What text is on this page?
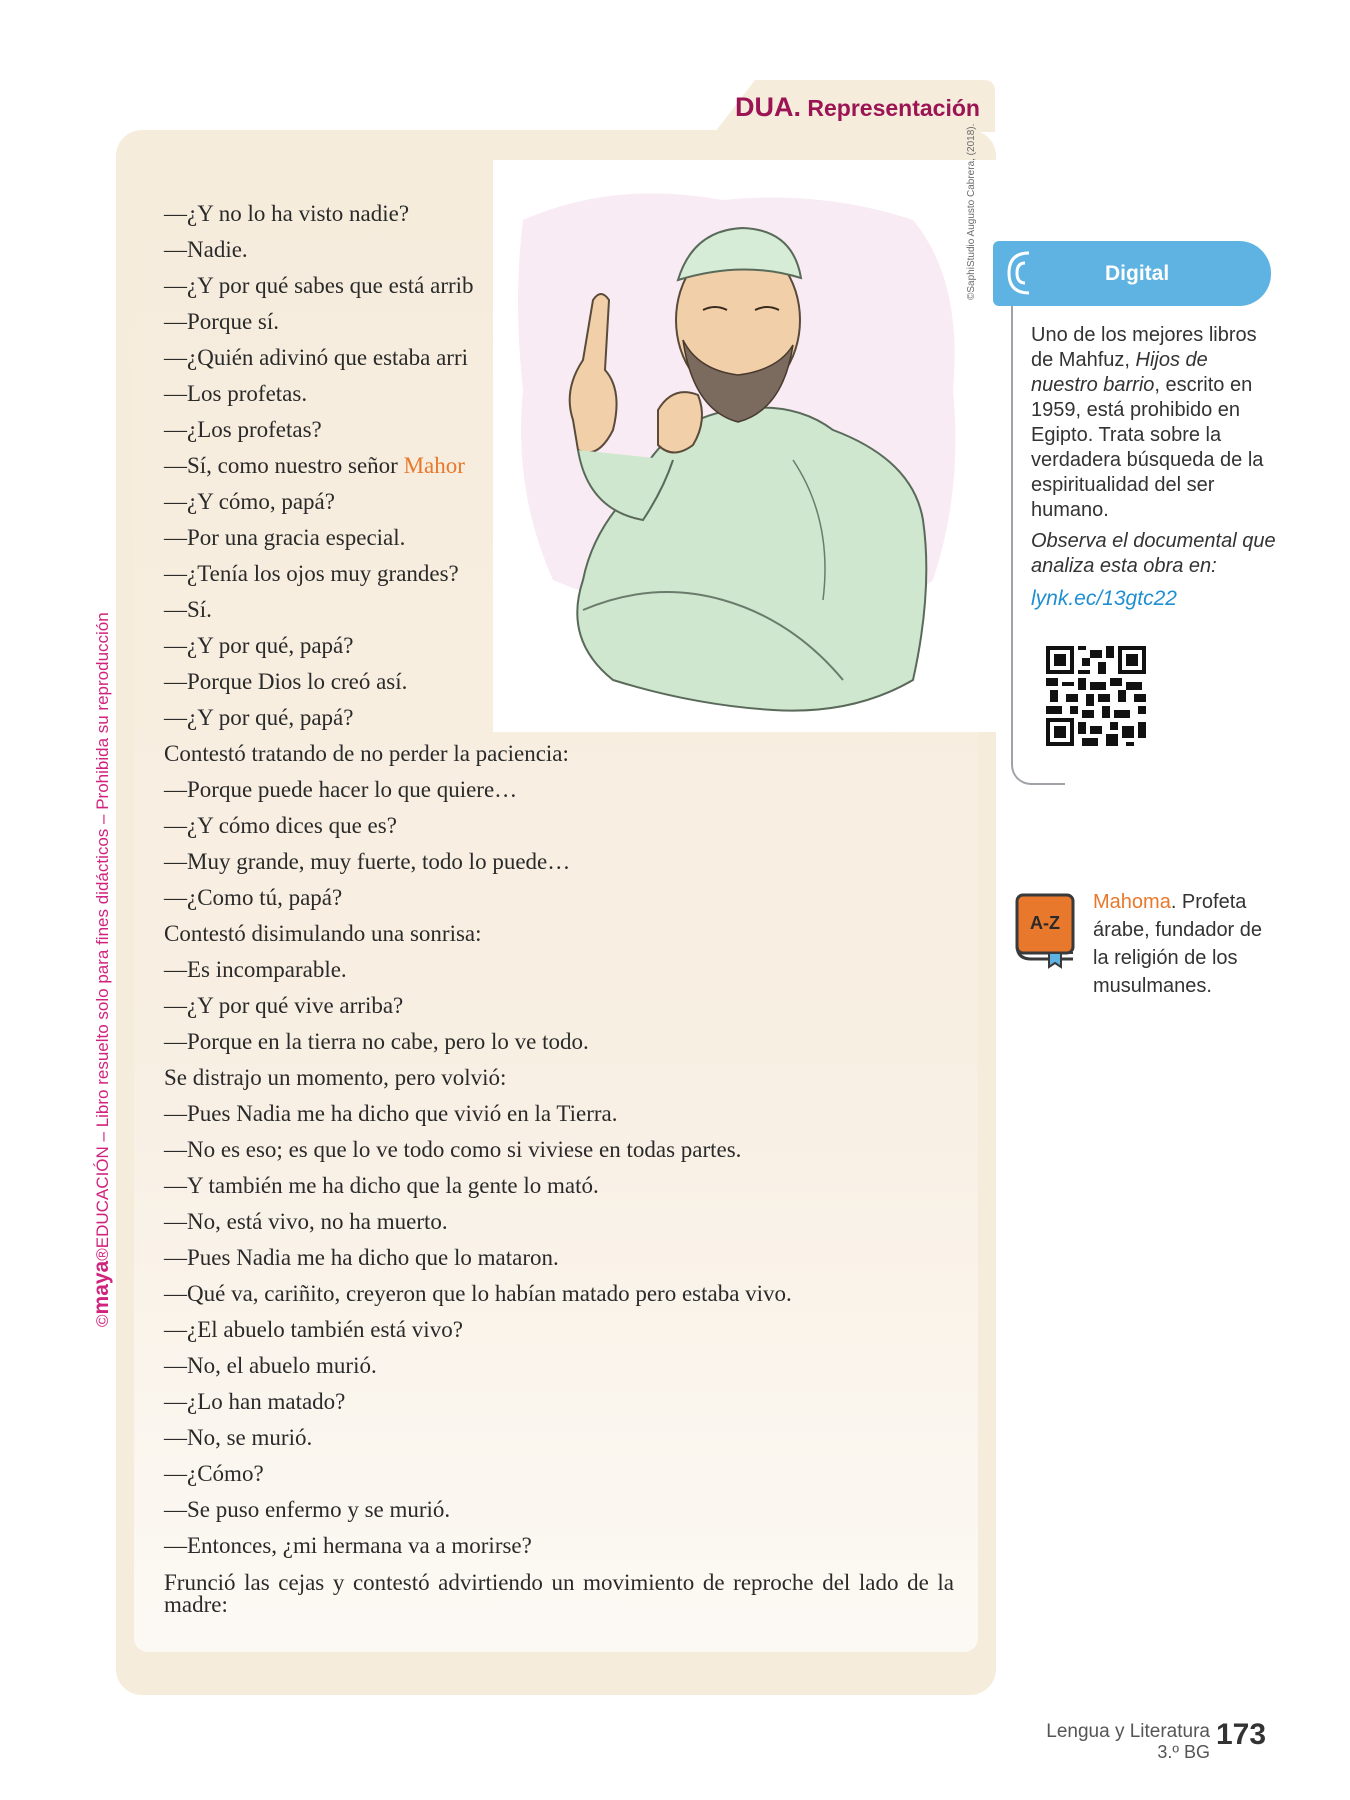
DUA. Representación
—¿Y no lo ha visto nadie?
—Nadie.
—¿Y por qué sabes que está arrib
—Porque sí.
—¿Quién adivinó que estaba arri
—Los profetas.
—¿Los profetas?
—Sí, como nuestro señor Mahor
—¿Y cómo, papá?
—Por una gracia especial.
—¿Tenía los ojos muy grandes?
—Sí.
—¿Y por qué, papá?
—Porque Dios lo creó así.
—¿Y por qué, papá?
Contestó tratando de no perder la paciencia:
—Porque puede hacer lo que quiere…
—¿Y cómo dices que es?
—Muy grande, muy fuerte, todo lo puede…
—¿Como tú, papá?
Contestó disimulando una sonrisa:
—Es incomparable.
—¿Y por qué vive arriba?
—Porque en la tierra no cabe, pero lo ve todo.
Se distrajo un momento, pero volvió:
—Pues Nadia me ha dicho que vivió en la Tierra.
—No es eso; es que lo ve todo como si viviese en todas partes.
—Y también me ha dicho que la gente lo mató.
—No, está vivo, no ha muerto.
—Pues Nadia me ha dicho que lo mataron.
—Qué va, cariñito, creyeron que lo habían matado pero estaba vivo.
—¿El abuelo también está vivo?
—No, el abuelo murió.
—¿Lo han matado?
—No, se murió.
—¿Cómo?
—Se puso enfermo y se murió.
—Entonces, ¿mi hermana va a morirse?
Frunció las cejas y contestó advirtiendo un movimiento de reproche del lado de la madre:
©SaphiStudio Augusto Cabrera, (2018).
©maya®EDUCACIÓN – Libro resuelto solo para fines didácticos – Prohibida su reproducción
Digital
Uno de los mejores libros de Mahfuz, Hijos de nuestro barrio, escrito en 1959, está prohibido en Egipto. Trata sobre la verdadera búsqueda de la espiritualidad del ser humano.
Observa el documental que analiza esta obra en:
lynk.ec/13gtc22
A-Z
Mahoma. Profeta árabe, fundador de la religión de los musulmanes.
Lengua y Literatura
3.º BG
173
